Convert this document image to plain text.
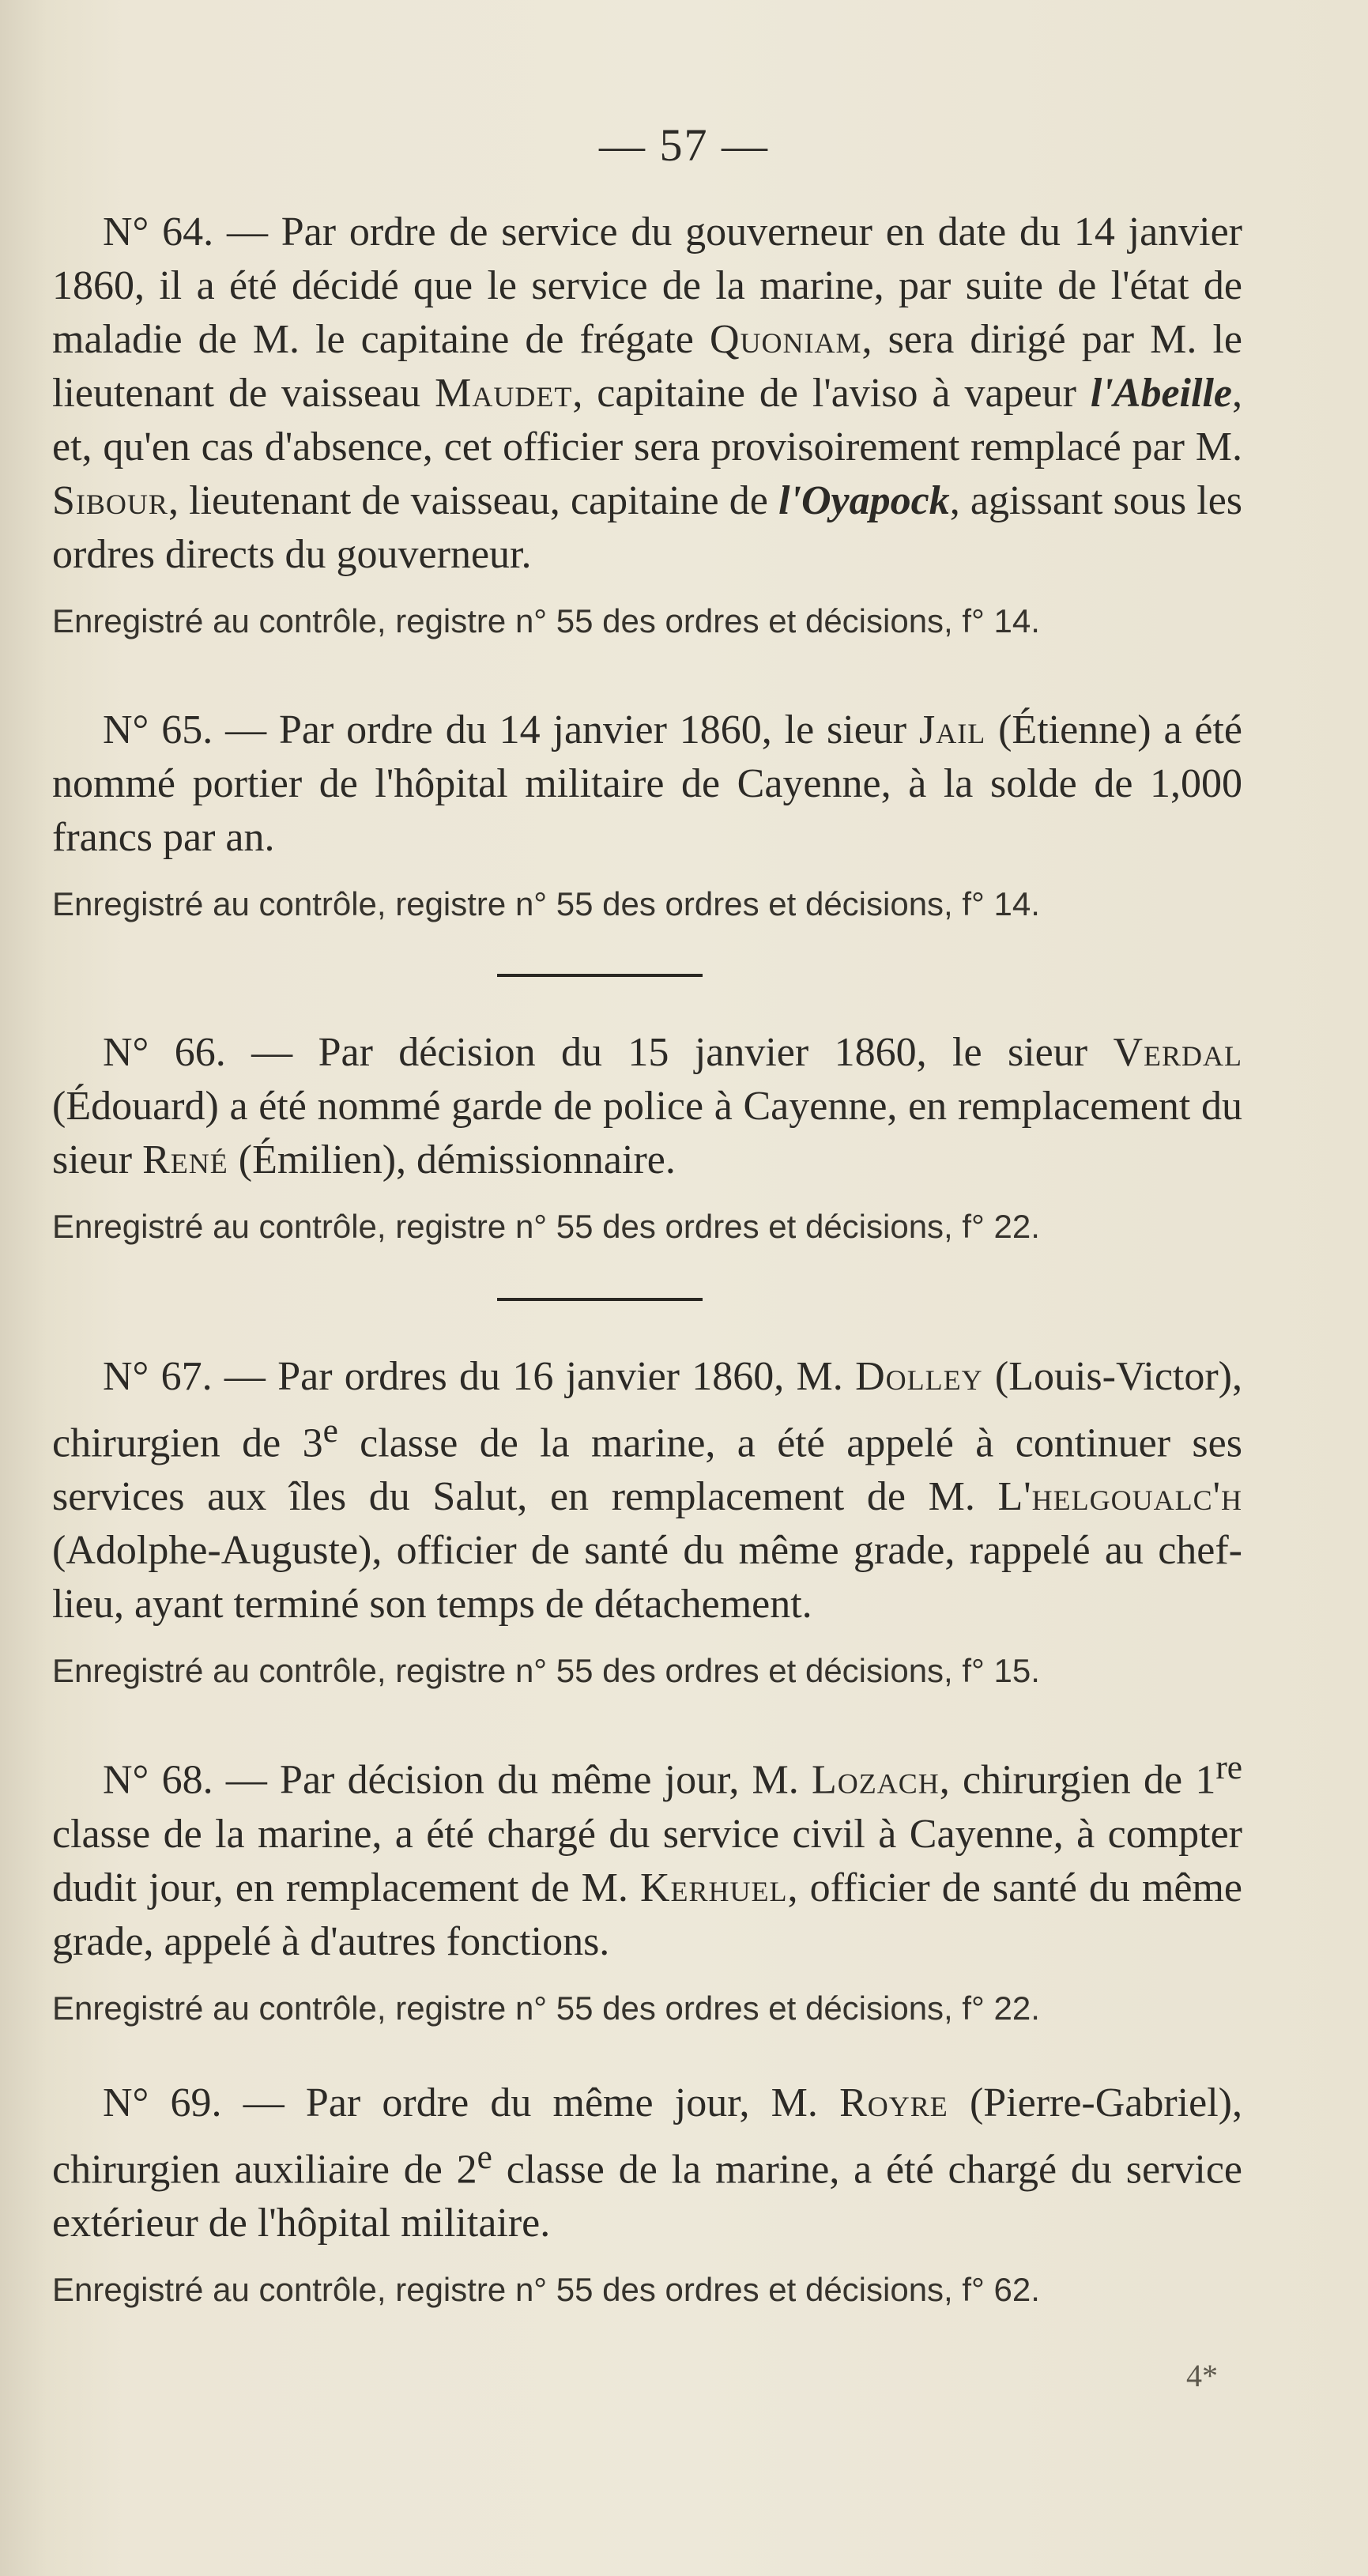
— 57 —

N° 64. — Par ordre de service du gouverneur en date du 14 janvier 1860, il a été décidé que le service de la marine, par suite de l'état de maladie de M. le capitaine de frégate Quoniam, sera dirigé par M. le lieutenant de vaisseau Maudet, capitaine de l'aviso à vapeur l'Abeille, et, qu'en cas d'absence, cet officier sera provisoirement remplacé par M. Sibour, lieutenant de vaisseau, capitaine de l'Oyapock, agissant sous les ordres directs du gouverneur.

Enregistré au contrôle, registre n° 55 des ordres et décisions, f° 14.

N° 65. — Par ordre du 14 janvier 1860, le sieur Jail (Étienne) a été nommé portier de l'hôpital militaire de Cayenne, à la solde de 1,000 francs par an.

Enregistré au contrôle, registre n° 55 des ordres et décisions, f° 14.

N° 66. — Par décision du 15 janvier 1860, le sieur Verdal (Édouard) a été nommé garde de police à Cayenne, en remplacement du sieur René (Émilien), démissionnaire.

Enregistré au contrôle, registre n° 55 des ordres et décisions, f° 22.

N° 67. — Par ordres du 16 janvier 1860, M. Dolley (Louis-Victor), chirurgien de 3e classe de la marine, a été appelé à continuer ses services aux îles du Salut, en remplacement de M. L'helgoualc'h (Adolphe-Auguste), officier de santé du même grade, rappelé au chef-lieu, ayant terminé son temps de détachement.

Enregistré au contrôle, registre n° 55 des ordres et décisions, f° 15.

N° 68. — Par décision du même jour, M. Lozach, chirurgien de 1re classe de la marine, a été chargé du service civil à Cayenne, à compter dudit jour, en remplacement de M. Kerhuel, officier de santé du même grade, appelé à d'autres fonctions.

Enregistré au contrôle, registre n° 55 des ordres et décisions, f° 22.

N° 69. — Par ordre du même jour, M. Royre (Pierre-Gabriel), chirurgien auxiliaire de 2e classe de la marine, a été chargé du service extérieur de l'hôpital militaire.

Enregistré au contrôle, registre n° 55 des ordres et décisions, f° 62.

4*
